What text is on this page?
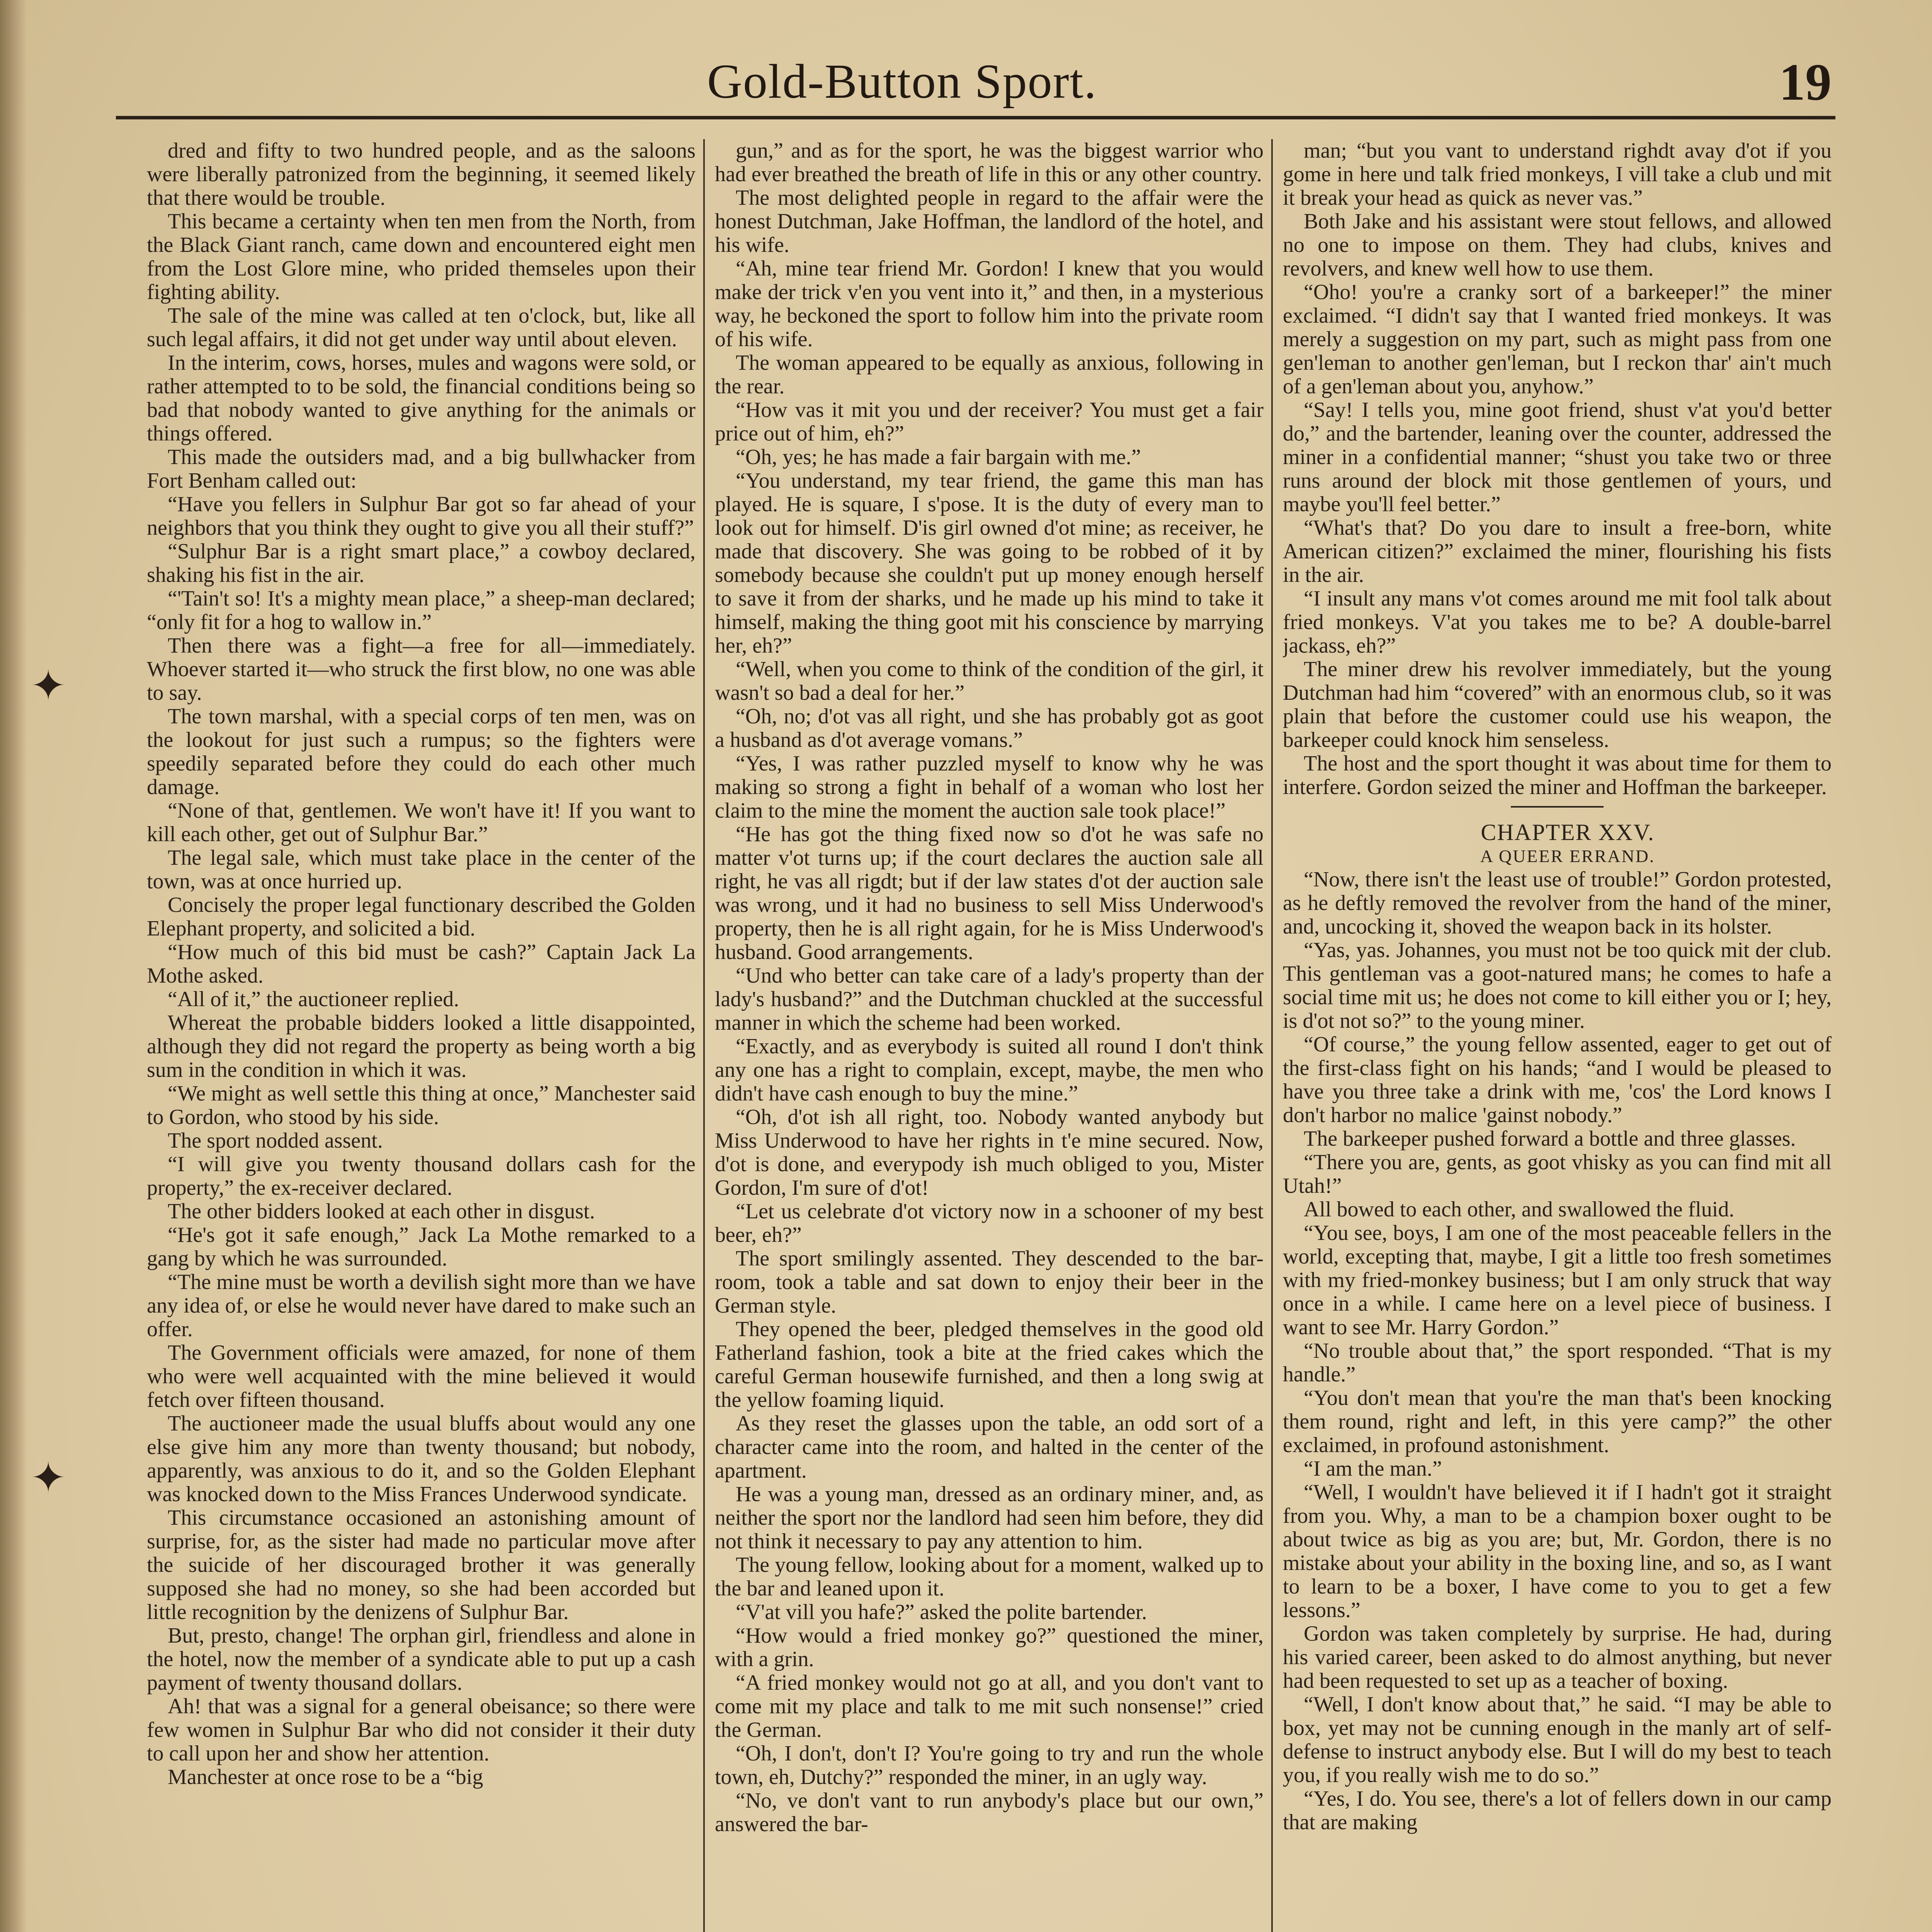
✦
✦
Gold-Button Sport.	19

dred and fifty to two hundred people, and as the saloons were liberally patronized from the beginning, it seemed likely that there would be trouble.

This became a certainty when ten men from the North, from the Black Giant ranch, came down and encountered eight men from the Lost Glore mine, who prided themseles upon their fighting ability.

The sale of the mine was called at ten o'clock, but, like all such legal affairs, it did not get under way until about eleven.

In the interim, cows, horses, mules and wagons were sold, or rather attempted to to be sold, the financial conditions being so bad that nobody wanted to give anything for the animals or things offered.

This made the outsiders mad, and a big bullwhacker from Fort Benham called out:

“Have you fellers in Sulphur Bar got so far ahead of your neighbors that you think they ought to give you all their stuff?”

“Sulphur Bar is a right smart place,” a cowboy declared, shaking his fist in the air.

“'Tain't so! It's a mighty mean place,” a sheep-man declared; “only fit for a hog to wallow in.”

Then there was a fight—a free for all—immediately. Whoever started it—who struck the first blow, no one was able to say.

The town marshal, with a special corps of ten men, was on the lookout for just such a rumpus; so the fighters were speedily separated before they could do each other much damage.

“None of that, gentlemen. We won't have it! If you want to kill each other, get out of Sulphur Bar.”

The legal sale, which must take place in the center of the town, was at once hurried up.

Concisely the proper legal functionary described the Golden Elephant property, and solicited a bid.

“How much of this bid must be cash?” Captain Jack La Mothe asked.

“All of it,” the auctioneer replied.

Whereat the probable bidders looked a little disappointed, although they did not regard the property as being worth a big sum in the condition in which it was.

“We might as well settle this thing at once,” Manchester said to Gordon, who stood by his side.

The sport nodded assent.

“I will give you twenty thousand dollars cash for the property,” the ex-receiver declared.

The other bidders looked at each other in disgust.

“He's got it safe enough,” Jack La Mothe remarked to a gang by which he was surrounded.

“The mine must be worth a devilish sight more than we have any idea of, or else he would never have dared to make such an offer.

The Government officials were amazed, for none of them who were well acquainted with the mine believed it would fetch over fifteen thousand.

The auctioneer made the usual bluffs about would any one else give him any more than twenty thousand; but nobody, apparently, was anxious to do it, and so the Golden Elephant was knocked down to the Miss Frances Underwood syndicate.

This circumstance occasioned an astonishing amount of surprise, for, as the sister had made no particular move after the suicide of her discouraged brother it was generally supposed she had no money, so she had been accorded but little recognition by the denizens of Sulphur Bar.

But, presto, change! The orphan girl, friendless and alone in the hotel, now the member of a syndicate able to put up a cash payment of twenty thousand dollars.

Ah! that was a signal for a general obeisance; so there were few women in Sulphur Bar who did not consider it their duty to call upon her and show her attention.

Manchester at once rose to be a “big

gun,” and as for the sport, he was the biggest warrior who had ever breathed the breath of life in this or any other country.

The most delighted people in regard to the affair were the honest Dutchman, Jake Hoffman, the landlord of the hotel, and his wife.

“Ah, mine tear friend Mr. Gordon! I knew that you would make der trick v'en you vent into it,” and then, in a mysterious way, he beckoned the sport to follow him into the private room of his wife.

The woman appeared to be equally as anxious, following in the rear.

“How vas it mit you und der receiver? You must get a fair price out of him, eh?”

“Oh, yes; he has made a fair bargain with me.”

“You understand, my tear friend, the game this man has played. He is square, I s'pose. It is the duty of every man to look out for himself. D'is girl owned d'ot mine; as receiver, he made that discovery. She was going to be robbed of it by somebody because she couldn't put up money enough herself to save it from der sharks, und he made up his mind to take it himself, making the thing goot mit his conscience by marrying her, eh?”

“Well, when you come to think of the condition of the girl, it wasn't so bad a deal for her.”

“Oh, no; d'ot vas all right, und she has probably got as goot a husband as d'ot average vomans.”

“Yes, I was rather puzzled myself to know why he was making so strong a fight in behalf of a woman who lost her claim to the mine the moment the auction sale took place!”

“He has got the thing fixed now so d'ot he was safe no matter v'ot turns up; if the court declares the auction sale all right, he vas all rigdt; but if der law states d'ot der auction sale was wrong, und it had no business to sell Miss Underwood's property, then he is all right again, for he is Miss Underwood's husband. Good arrangements.

“Und who better can take care of a lady's property than der lady's husband?” and the Dutchman chuckled at the successful manner in which the scheme had been worked.

“Exactly, and as everybody is suited all round I don't think any one has a right to complain, except, maybe, the men who didn't have cash enough to buy the mine.”

“Oh, d'ot ish all right, too. Nobody wanted anybody but Miss Underwood to have her rights in t'e mine secured. Now, d'ot is done, and everypody ish much obliged to you, Mister Gordon, I'm sure of d'ot!

“Let us celebrate d'ot victory now in a schooner of my best beer, eh?”

The sport smilingly assented. They descended to the bar-room, took a table and sat down to enjoy their beer in the German style.

They opened the beer, pledged themselves in the good old Fatherland fashion, took a bite at the fried cakes which the careful German housewife furnished, and then a long swig at the yellow foaming liquid.

As they reset the glasses upon the table, an odd sort of a character came into the room, and halted in the center of the apartment.

He was a young man, dressed as an ordinary miner, and, as neither the sport nor the landlord had seen him before, they did not think it necessary to pay any attention to him.

The young fellow, looking about for a moment, walked up to the bar and leaned upon it.

“V'at vill you hafe?” asked the polite bartender.

“How would a fried monkey go?” questioned the miner, with a grin.

“A fried monkey would not go at all, and you don't vant to come mit my place and talk to me mit such nonsense!” cried the German.

“Oh, I don't, don't I? You're going to try and run the whole town, eh, Dutchy?” responded the miner, in an ugly way.

“No, ve don't vant to run anybody's place but our own,” answered the bar-

man; “but you vant to understand righdt avay d'ot if you gome in here und talk fried monkeys, I vill take a club und mit it break your head as quick as never vas.”

Both Jake and his assistant were stout fellows, and allowed no one to impose on them. They had clubs, knives and revolvers, and knew well how to use them.

“Oho! you're a cranky sort of a barkeeper!” the miner exclaimed. “I didn't say that I wanted fried monkeys. It was merely a suggestion on my part, such as might pass from one gen'leman to another gen'leman, but I reckon thar' ain't much of a gen'leman about you, anyhow.”

“Say! I tells you, mine goot friend, shust v'at you'd better do,” and the bartender, leaning over the counter, addressed the miner in a confidential manner; “shust you take two or three runs around der block mit those gentlemen of yours, und maybe you'll feel better.”

“What's that? Do you dare to insult a free-born, white American citizen?” exclaimed the miner, flourishing his fists in the air.

“I insult any mans v'ot comes around me mit fool talk about fried monkeys. V'at you takes me to be? A double-barrel jackass, eh?”

The miner drew his revolver immediately, but the young Dutchman had him “covered” with an enormous club, so it was plain that before the customer could use his weapon, the barkeeper could knock him senseless.

The host and the sport thought it was about time for them to interfere. Gordon seized the miner and Hoffman the barkeeper.

CHAPTER XXV.

A QUEER ERRAND.

“Now, there isn't the least use of trouble!” Gordon protested, as he deftly removed the revolver from the hand of the miner, and, uncocking it, shoved the weapon back in its holster.

“Yas, yas. Johannes, you must not be too quick mit der club. This gentleman vas a goot-natured mans; he comes to hafe a social time mit us; he does not come to kill either you or I; hey, is d'ot not so?” to the young miner.

“Of course,” the young fellow assented, eager to get out of the first-class fight on his hands; “and I would be pleased to have you three take a drink with me, 'cos' the Lord knows I don't harbor no malice 'gainst nobody.”

The barkeeper pushed forward a bottle and three glasses.

“There you are, gents, as goot vhisky as you can find mit all Utah!”

All bowed to each other, and swallowed the fluid.

“You see, boys, I am one of the most peaceable fellers in the world, excepting that, maybe, I git a little too fresh sometimes with my fried-monkey business; but I am only struck that way once in a while. I came here on a level piece of business. I want to see Mr. Harry Gordon.”

“No trouble about that,” the sport responded. “That is my handle.”

“You don't mean that you're the man that's been knocking them round, right and left, in this yere camp?” the other exclaimed, in profound astonishment.

“I am the man.”

“Well, I wouldn't have believed it if I hadn't got it straight from you. Why, a man to be a champion boxer ought to be about twice as big as you are; but, Mr. Gordon, there is no mistake about your ability in the boxing line, and so, as I want to learn to be a boxer, I have come to you to get a few lessons.”

Gordon was taken completely by surprise. He had, during his varied career, been asked to do almost anything, but never had been requested to set up as a teacher of boxing.

“Well, I don't know about that,” he said. “I may be able to box, yet may not be cunning enough in the manly art of self-defense to instruct anybody else. But I will do my best to teach you, if you really wish me to do so.”

“Yes, I do. You see, there's a lot of fellers down in our camp that are making
